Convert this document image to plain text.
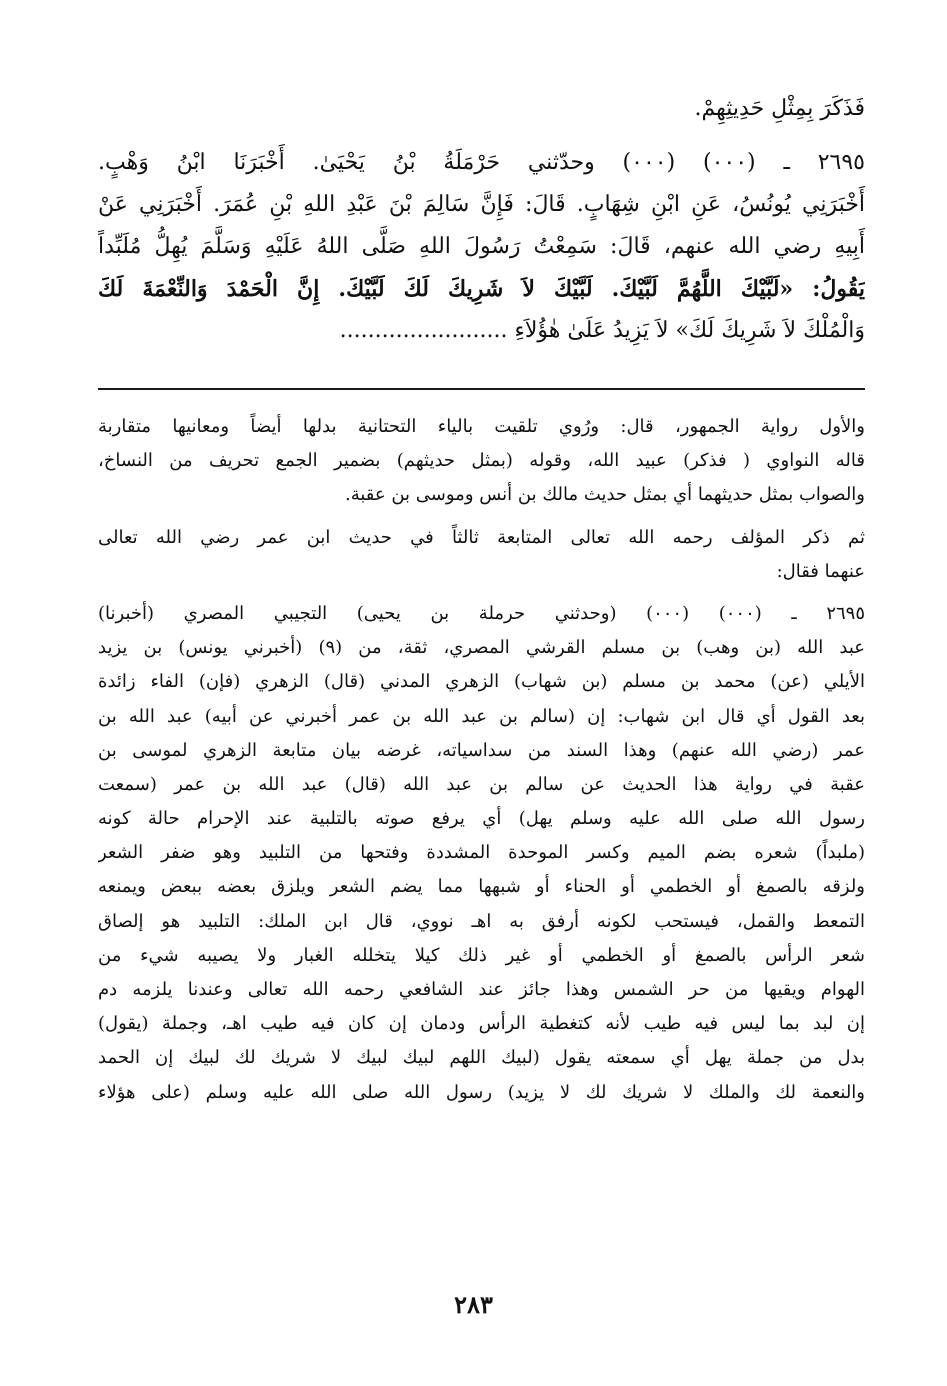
فَذَكَرَ بِمِثْلِ حَدِيثِهِمْ.
٢٦٩٥ ـ (٠٠٠) (٠٠٠) وحدّثني حَرْمَلَةُ بْنُ يَحْيَىٰ. أَخْبَرَنَا ابْنُ وَهْبٍ.
أَخْبَرَنِي يُونُسُ، عَنِ ابْنِ شِهَابٍ. قَالَ: فَإِنَّ سَالِمَ بْنَ عَبْدِ اللهِ بْنِ عُمَرَ. أَخْبَرَنِي عَنْ
أَبِيهِ رضي الله عنهم، قَالَ: سَمِعْتُ رَسُولَ اللهِ صَلَّى اللهُ عَلَيْهِ وَسَلَّمَ يُهِلُّ مُلَبِّداً
يَقُولُ: «لَبَّيْكَ اللَّهُمَّ لَبَّيْكَ. لَبَّيْكَ لاَ شَرِيكَ لَكَ لَبَّيْكَ. إِنَّ الْحَمْدَ وَالنِّعْمَةَ لَكَ
وَالْمُلْكَ لاَ شَرِيكَ لَكَ» لاَ يَزِيدُ عَلَىٰ هٰؤُلاَءِ ........................
والأول رواية الجمهور، قال: ورُوي تلقيت بالياء التحتانية بدلها أيضاً ومعانيها متقاربة
قاله النواوي ( فذكر) عبيد الله، وقوله (بمثل حديثهم) بضمير الجمع تحريف من النساخ،
والصواب بمثل حديثهما أي بمثل حديث مالك بن أنس وموسى بن عقبة.
ثم ذكر المؤلف رحمه الله تعالى المتابعة ثالثاً في حديث ابن عمر رضي الله تعالى
عنهما فقال:
٢٦٩٥ ـ (٠٠٠) (٠٠٠) (وحدثني حرملة بن يحيى) التجيبي المصري (أخبرنا)
عبد الله (بن وهب) بن مسلم القرشي المصري، ثقة، من (٩) (أخبرني يونس) بن يزيد
الأيلي (عن) محمد بن مسلم (بن شهاب) الزهري المدني (قال) الزهري (فإن) الفاء زائدة
بعد القول أي قال ابن شهاب: إن (سالم بن عبد الله بن عمر أخبرني عن أبيه) عبد الله بن
عمر (رضي الله عنهم) وهذا السند من سداسياته، غرضه بيان متابعة الزهري لموسى بن
عقبة في رواية هذا الحديث عن سالم بن عبد الله (قال) عبد الله بن عمر (سمعت
رسول الله صلى الله عليه وسلم يهل) أي يرفع صوته بالتلبية عند الإحرام حالة كونه
(ملبداً) شعره بضم الميم وكسر الموحدة المشددة وفتحها من التلبيد وهو ضفر الشعر
ولزقه بالصمغ أو الخطمي أو الحناء أو شبهها مما يضم الشعر ويلزق بعضه ببعض ويمنعه
التمعط والقمل، فيستحب لكونه أرفق به اهـ نووي، قال ابن الملك: التلبيد هو إلصاق
شعر الرأس بالصمغ أو الخطمي أو غير ذلك كيلا يتخلله الغبار ولا يصيبه شيء من
الهوام ويقيها من حر الشمس وهذا جائز عند الشافعي رحمه الله تعالى وعندنا يلزمه دم
إن لبد بما ليس فيه طيب لأنه كتغطية الرأس ودمان إن كان فيه طيب اهـ، وجملة (يقول)
بدل من جملة يهل أي سمعته يقول (لبيك اللهم لبيك لبيك لا شريك لك لبيك إن الحمد
والنعمة لك والملك لا شريك لك لا يزيد) رسول الله صلى الله عليه وسلم (على هؤلاء
٢٨٣
